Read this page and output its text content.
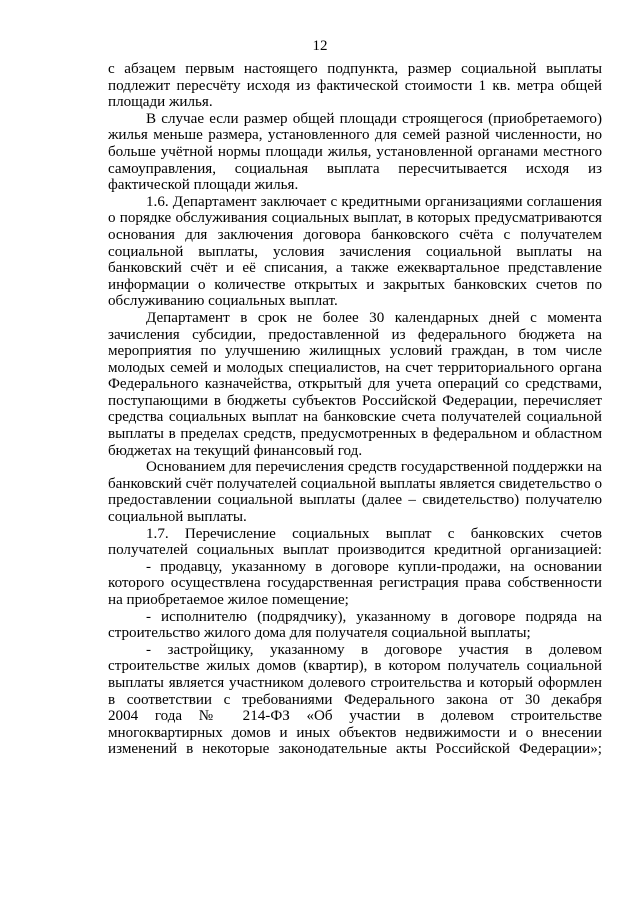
12
с абзацем первым настоящего подпункта, размер социальной выплаты
подлежит пересчёту исходя из фактической стоимости 1 кв. метра общей
площади жилья.
В случае если размер общей площади строящегося (приобретаемого)
жилья меньше размера, установленного для семей разной численности, но
больше учётной нормы площади жилья, установленной органами местного
самоуправления, социальная выплата пересчитывается исходя из
фактической площади жилья.
1.6. Департамент заключает с кредитными организациями соглашения
о порядке обслуживания социальных выплат, в которых предусматриваются
основания для заключения договора банковского счёта с получателем
социальной выплаты, условия зачисления социальной выплаты на
банковский счёт и её списания, а также ежеквартальное представление
информации о количестве открытых и закрытых банковских счетов по
обслуживанию социальных выплат.
Департамент в срок не более 30 календарных дней с момента
зачисления субсидии, предоставленной из федерального бюджета на
мероприятия по улучшению жилищных условий граждан, в том числе
молодых семей и молодых специалистов, на счет территориального органа
Федерального казначейства, открытый для учета операций со средствами,
поступающими в бюджеты субъектов Российской Федерации, перечисляет
средства социальных выплат на банковские счета получателей социальной
выплаты в пределах средств, предусмотренных в федеральном и областном
бюджетах на текущий финансовый год.
Основанием для перечисления средств государственной поддержки на
банковский счёт получателей социальной выплаты является свидетельство о
предоставлении социальной выплаты (далее – свидетельство) получателю
социальной выплаты.
1.7. Перечисление социальных выплат с банковских счетов
получателей социальных выплат производится кредитной организацией:
- продавцу, указанному в договоре купли-продажи, на основании
которого осуществлена государственная регистрация права собственности
на приобретаемое жилое помещение;
- исполнителю (подрядчику), указанному в договоре подряда на
строительство жилого дома для получателя социальной выплаты;
- застройщику, указанному в договоре участия в долевом
строительстве жилых домов (квартир), в котором получатель социальной
выплаты является участником долевого строительства и который оформлен
в соответствии с требованиями Федерального закона от 30 декабря
2004 года № 214-ФЗ «Об участии в долевом строительстве
многоквартирных домов и иных объектов недвижимости и о внесении
изменений в некоторые законодательные акты Российской Федерации»;
